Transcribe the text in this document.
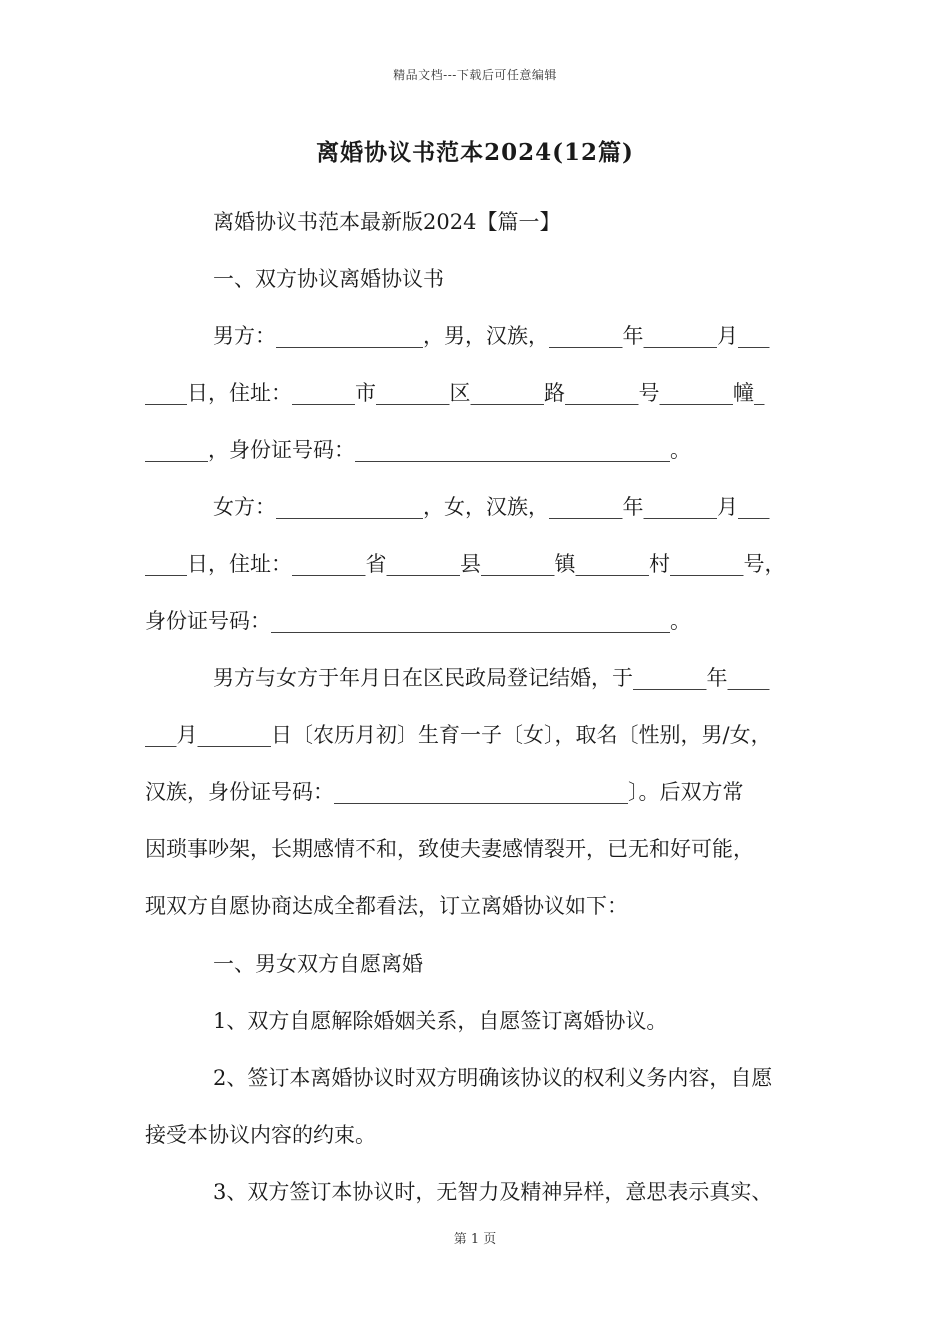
精品文档---下载后可任意编辑
离婚协议书范本2024(12篇)
离婚协议书范本最新版2024【篇一】
一、双方协议离婚协议书
男方：______________，男，汉族，_______年_______月___
____日，住址：______市_______区_______路_______号_______幢_
______，身份证号码：______________________________。
女方：______________，女，汉族，_______年_______月___
____日，住址：_______省_______县_______镇_______村_______号，
身份证号码：______________________________________。
男方与女方于年月日在区民政局登记结婚，于_______年____
___月_______日〔农历月初〕生育一子〔女〕，取名〔性别，男/女，
汉族，身份证号码：____________________________〕。后双方常
因琐事吵架，长期感情不和，致使夫妻感情裂开，已无和好可能，
现双方自愿协商达成全都看法，订立离婚协议如下：
一、男女双方自愿离婚
1、双方自愿解除婚姻关系，自愿签订离婚协议。
2、签订本离婚协议时双方明确该协议的权利义务内容，自愿
接受本协议内容的约束。
3、双方签订本协议时，无智力及精神异样，意思表示真实、
第 1 页
